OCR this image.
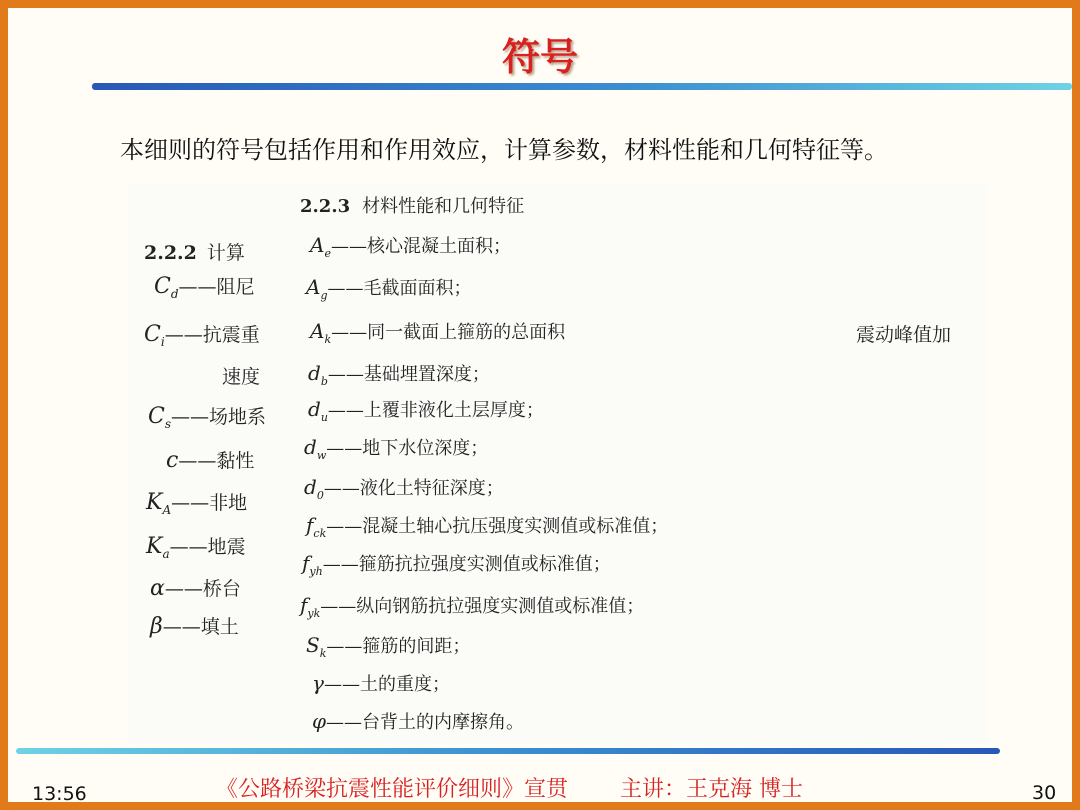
符号
本细则的符号包括作用和作用效应，计算参数，材料性能和几何特征等。
2.2.2 计算
$C_d——$阻尼
$C_i——$抗震重
速度
$C_s——$场地系
c——黏性
$K_A——$非地
$K_a——$地震
α——桥台
β——填土
2.2.3 材料性能和几何特征
$A_e——$核心混凝土面积；
$A_g——$毛截面面积；
$A_k——$同一截面上箍筋的总面积
$d_b——$基础埋置深度；
$d_u——$上覆非液化土层厚度；
$d_w——$地下水位深度；
$d_0——$液化土特征深度；
$f_{ck}——$混凝土轴心抗压强度实测值或标准值；
$f_{yh}——$箍筋抗拉强度实测值或标准值；
$f_{yk}——$纵向钢筋抗拉强度实测值或标准值；
$S_k——$箍筋的间距；
γ——土的重度；
φ——台背土的内摩擦角。
震动峰值加
13:56	《公路桥梁抗震性能评价细则》宣贯 主讲：王克海 博士	30
